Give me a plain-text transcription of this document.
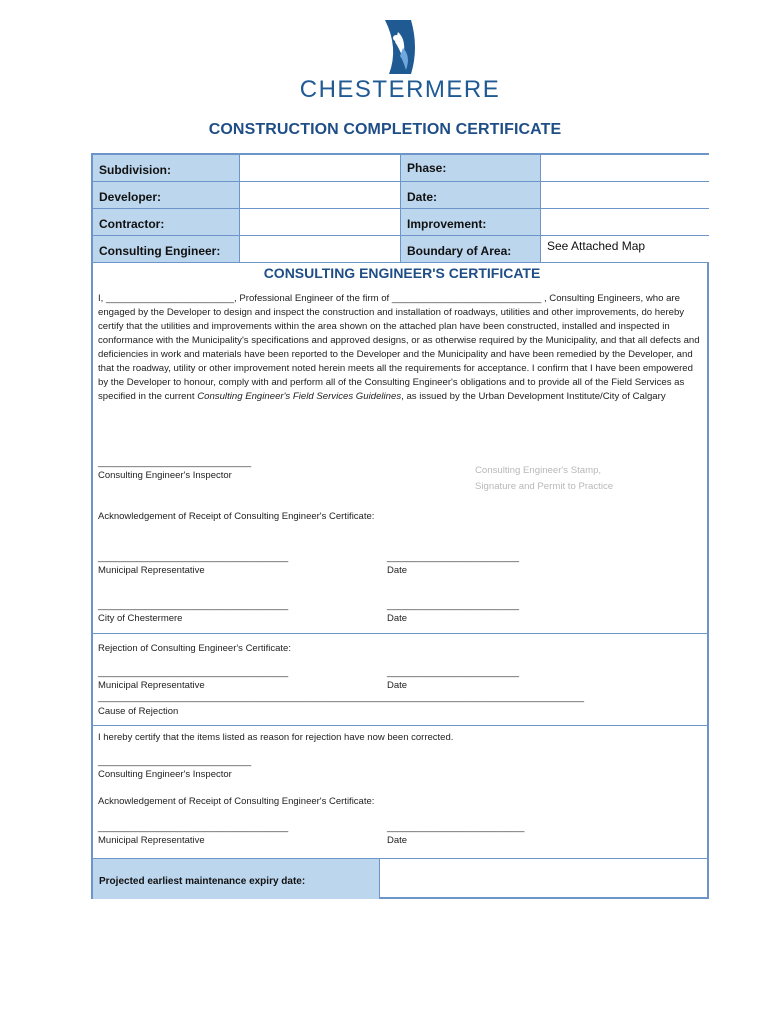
CHESTERMERE
CONSTRUCTION COMPLETION CERTIFICATE
Subdivision:	Phase:
Developer:	Date:
Contractor:	Improvement:
Consulting Engineer:	Boundary of Area:	See Attached Map
CONSULTING ENGINEER'S CERTIFICATE
I, ________________________, Professional Engineer of the firm of ____________________________ , Consulting Engineers, who are engaged by the Developer to design and inspect the construction and installation of roadways, utilities and other improvements, do hereby certify that the utilities and improvements within the area shown on the attached plan have been constructed, installed and inspected in conformance with the Municipality's specifications and approved designs, or as otherwise required by the Municipality, and that all defects and deficiencies in work and materials have been reported to the Developer and the Municipality and have been remedied by the Developer, and that the roadway, utility or other improvement noted herein meets all the requirements for acceptance. I confirm that I have been empowered by the Developer to honour, comply with and perform all of the Consulting Engineer's obligations and to provide all of the Field Services as specified in the current Consulting Engineer's Field Services Guidelines, as issued by the Urban Development Institute/City of Calgary
_____________________________
Consulting Engineer's Inspector	Consulting Engineer's Stamp,
Signature and Permit to Practice
Acknowledgement of Receipt of Consulting Engineer's Certificate:
____________________________________	_________________________
Municipal Representative	Date
____________________________________	_________________________
City of Chestermere	Date
Rejection of Consulting Engineer's Certificate:
____________________________________	_________________________
Municipal Representative	Date
____________________________________________________________________________________________
Cause of Rejection
I hereby certify that the items listed as reason for rejection have now been corrected.
_____________________________
Consulting Engineer's Inspector
Acknowledgement of Receipt of Consulting Engineer's Certificate:
____________________________________	__________________________
Municipal Representative	Date
Projected earliest maintenance expiry date:
